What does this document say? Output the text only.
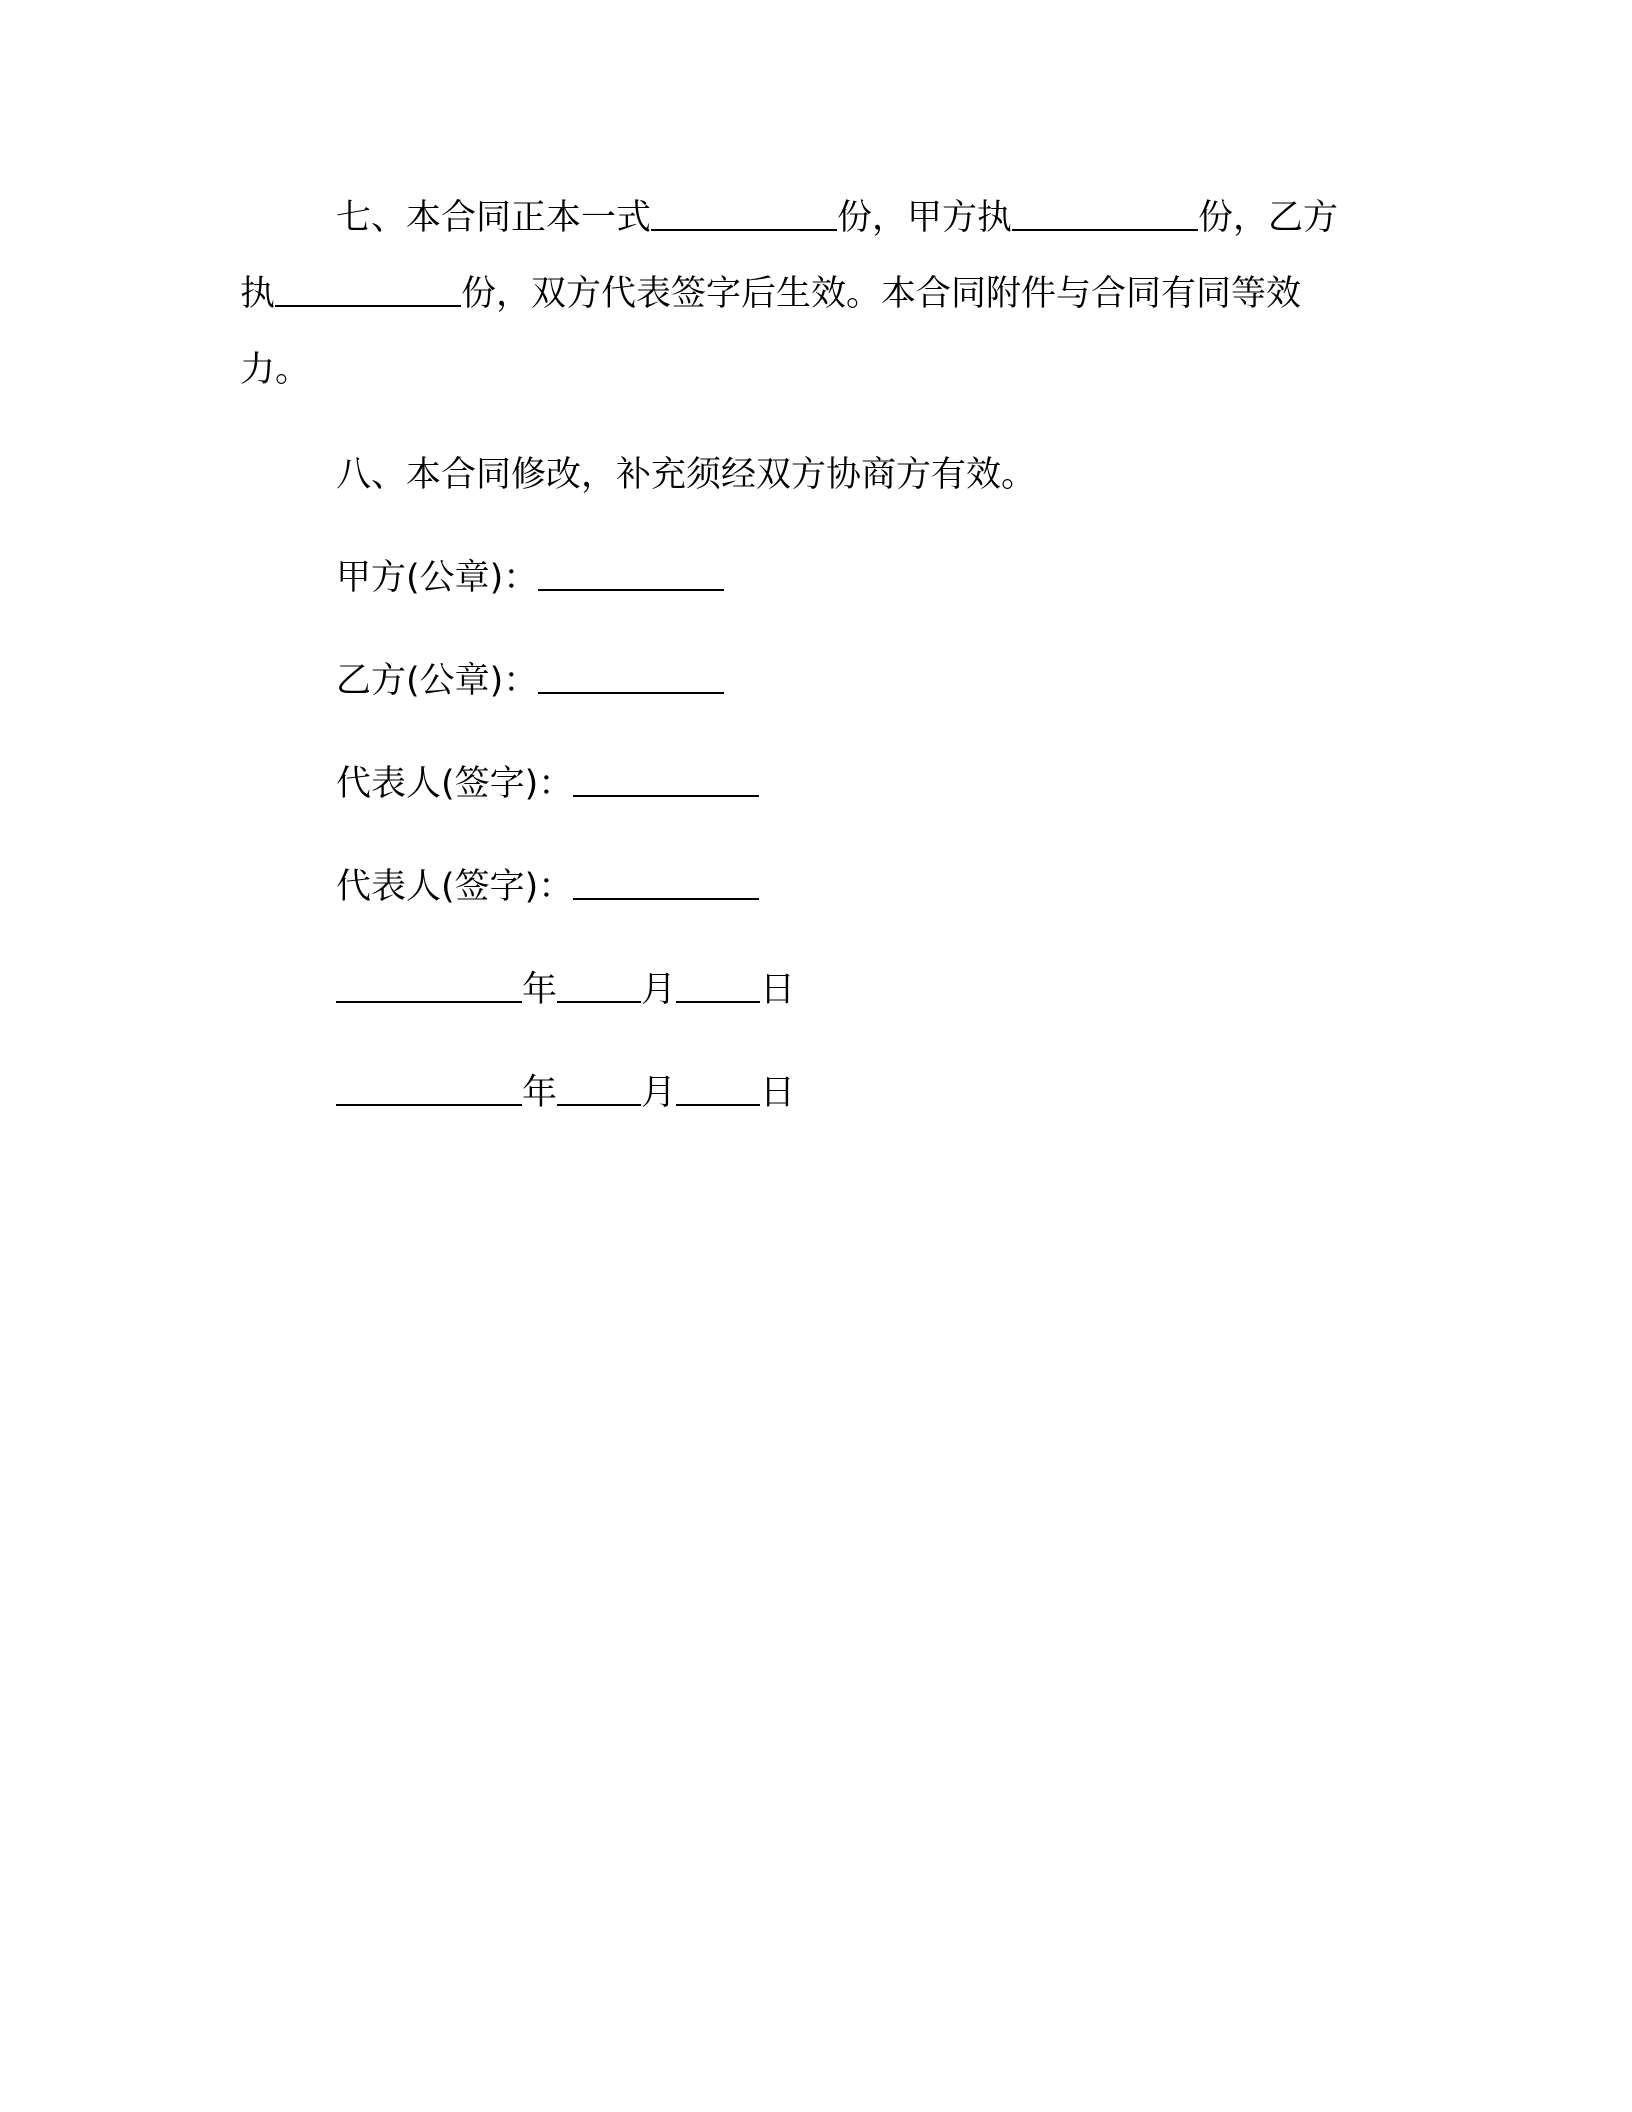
七、本合同正本一式	份，甲方执	份，乙方
执	份，双方代表签字后生效。本合同附件与合同有同等效
力。
八、本合同修改，补充须经双方协商方有效。
甲方(公章)：
乙方(公章)：
代表人(签字)：
代表人(签字)：
年 月 日
年 月 日
